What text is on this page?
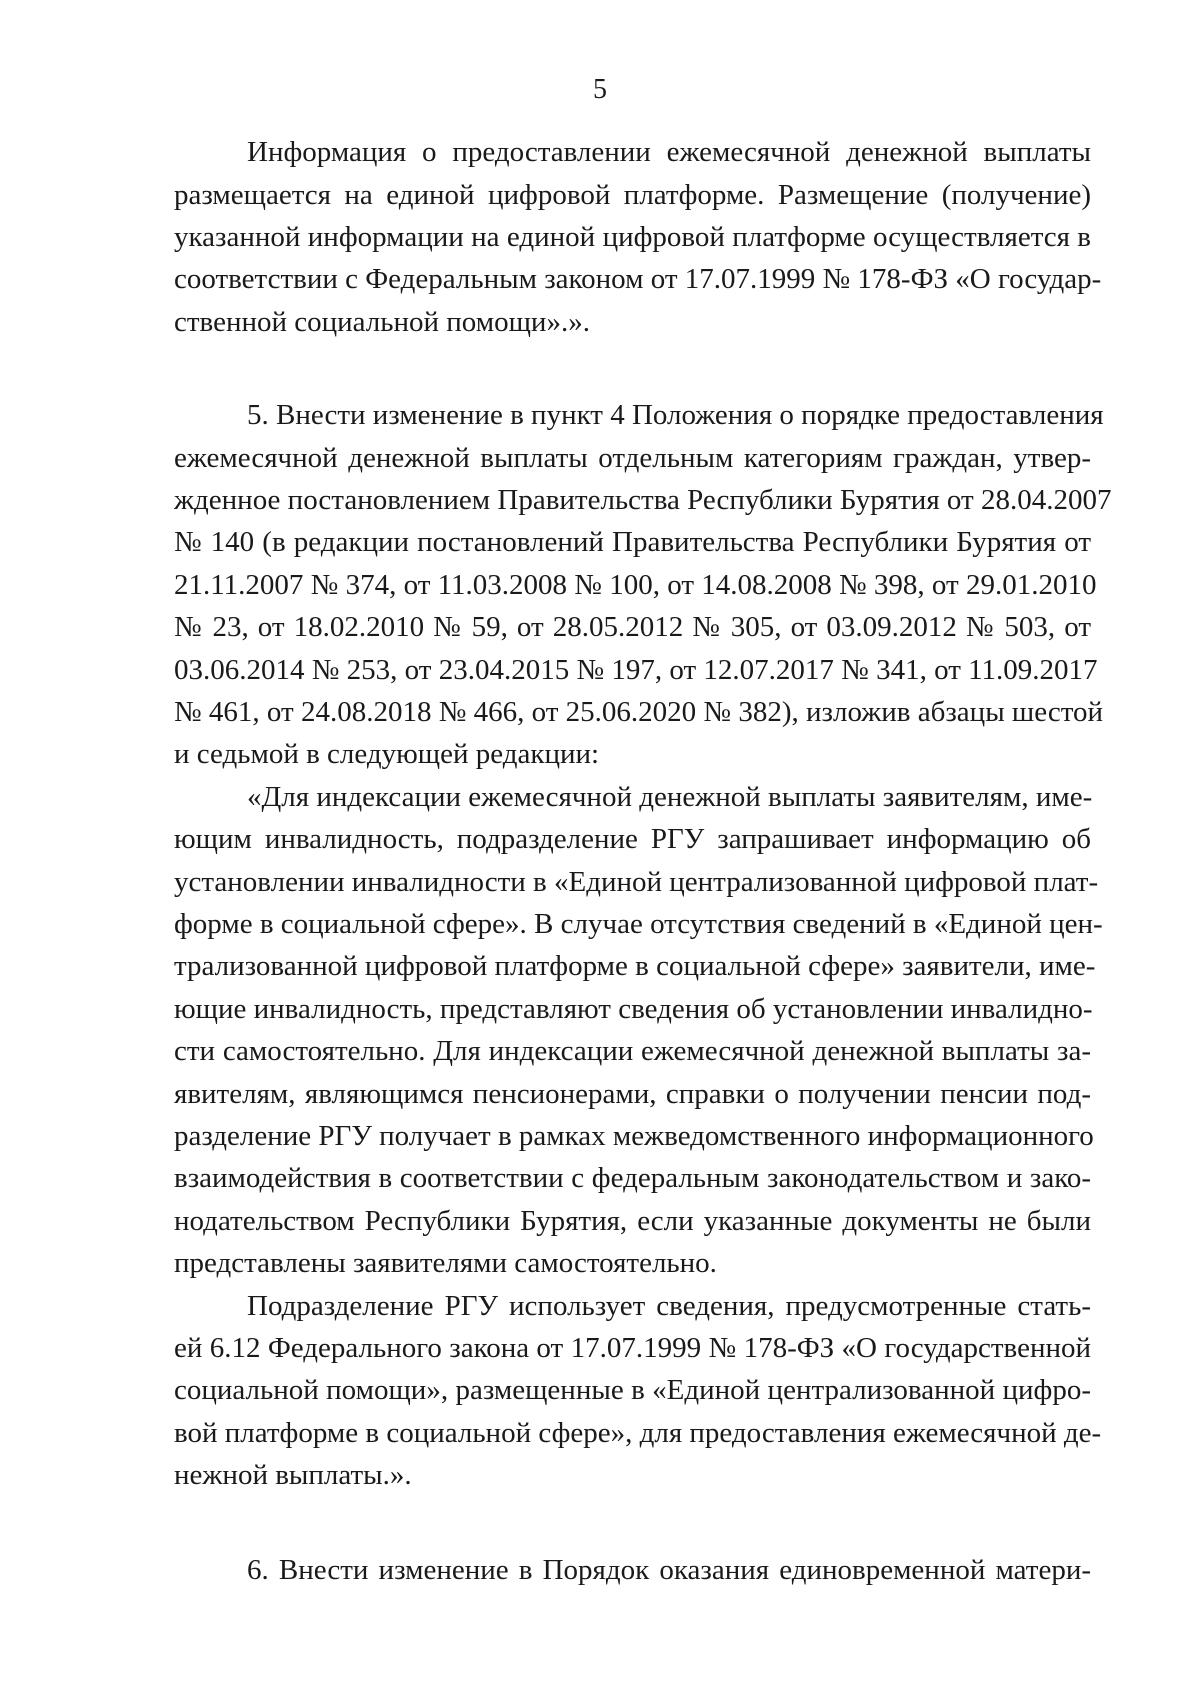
5
Информация о предоставлении ежемесячной денежной выплаты
размещается на единой цифровой платформе. Размещение (получение)
указанной информации на единой цифровой платформе осуществляется в
соответствии с Федеральным законом от 17.07.1999 № 178-ФЗ «О государ-
ственной социальной помощи».».
5. Внести изменение в пункт 4 Положения о порядке предоставления
ежемесячной денежной выплаты отдельным категориям граждан, утвер-
жденное постановлением Правительства Республики Бурятия от 28.04.2007
№ 140 (в редакции постановлений Правительства Республики Бурятия от
21.11.2007 № 374, от 11.03.2008 № 100, от 14.08.2008 № 398, от 29.01.2010
№ 23, от 18.02.2010 № 59, от 28.05.2012 № 305, от 03.09.2012 № 503, от
03.06.2014 № 253, от 23.04.2015 № 197, от 12.07.2017 № 341, от 11.09.2017
№ 461, от 24.08.2018 № 466, от 25.06.2020 № 382), изложив абзацы шестой
и седьмой в следующей редакции:
«Для индексации ежемесячной денежной выплаты заявителям, име-
ющим инвалидность, подразделение РГУ запрашивает информацию об
установлении инвалидности в «Единой централизованной цифровой плат-
форме в социальной сфере». В случае отсутствия сведений в «Единой цен-
трализованной цифровой платформе в социальной сфере» заявители, име-
ющие инвалидность, представляют сведения об установлении инвалидно-
сти самостоятельно. Для индексации ежемесячной денежной выплаты за-
явителям, являющимся пенсионерами, справки о получении пенсии под-
разделение РГУ получает в рамках межведомственного информационного
взаимодействия в соответствии с федеральным законодательством и зако-
нодательством Республики Бурятия, если указанные документы не были
представлены заявителями самостоятельно.
Подразделение РГУ использует сведения, предусмотренные стать-
ей 6.12 Федерального закона от 17.07.1999 № 178-ФЗ «О государственной
социальной помощи», размещенные в «Единой централизованной цифро-
вой платформе в социальной сфере», для предоставления ежемесячной де-
нежной выплаты.».
6. Внести изменение в Порядок оказания единовременной матери-
